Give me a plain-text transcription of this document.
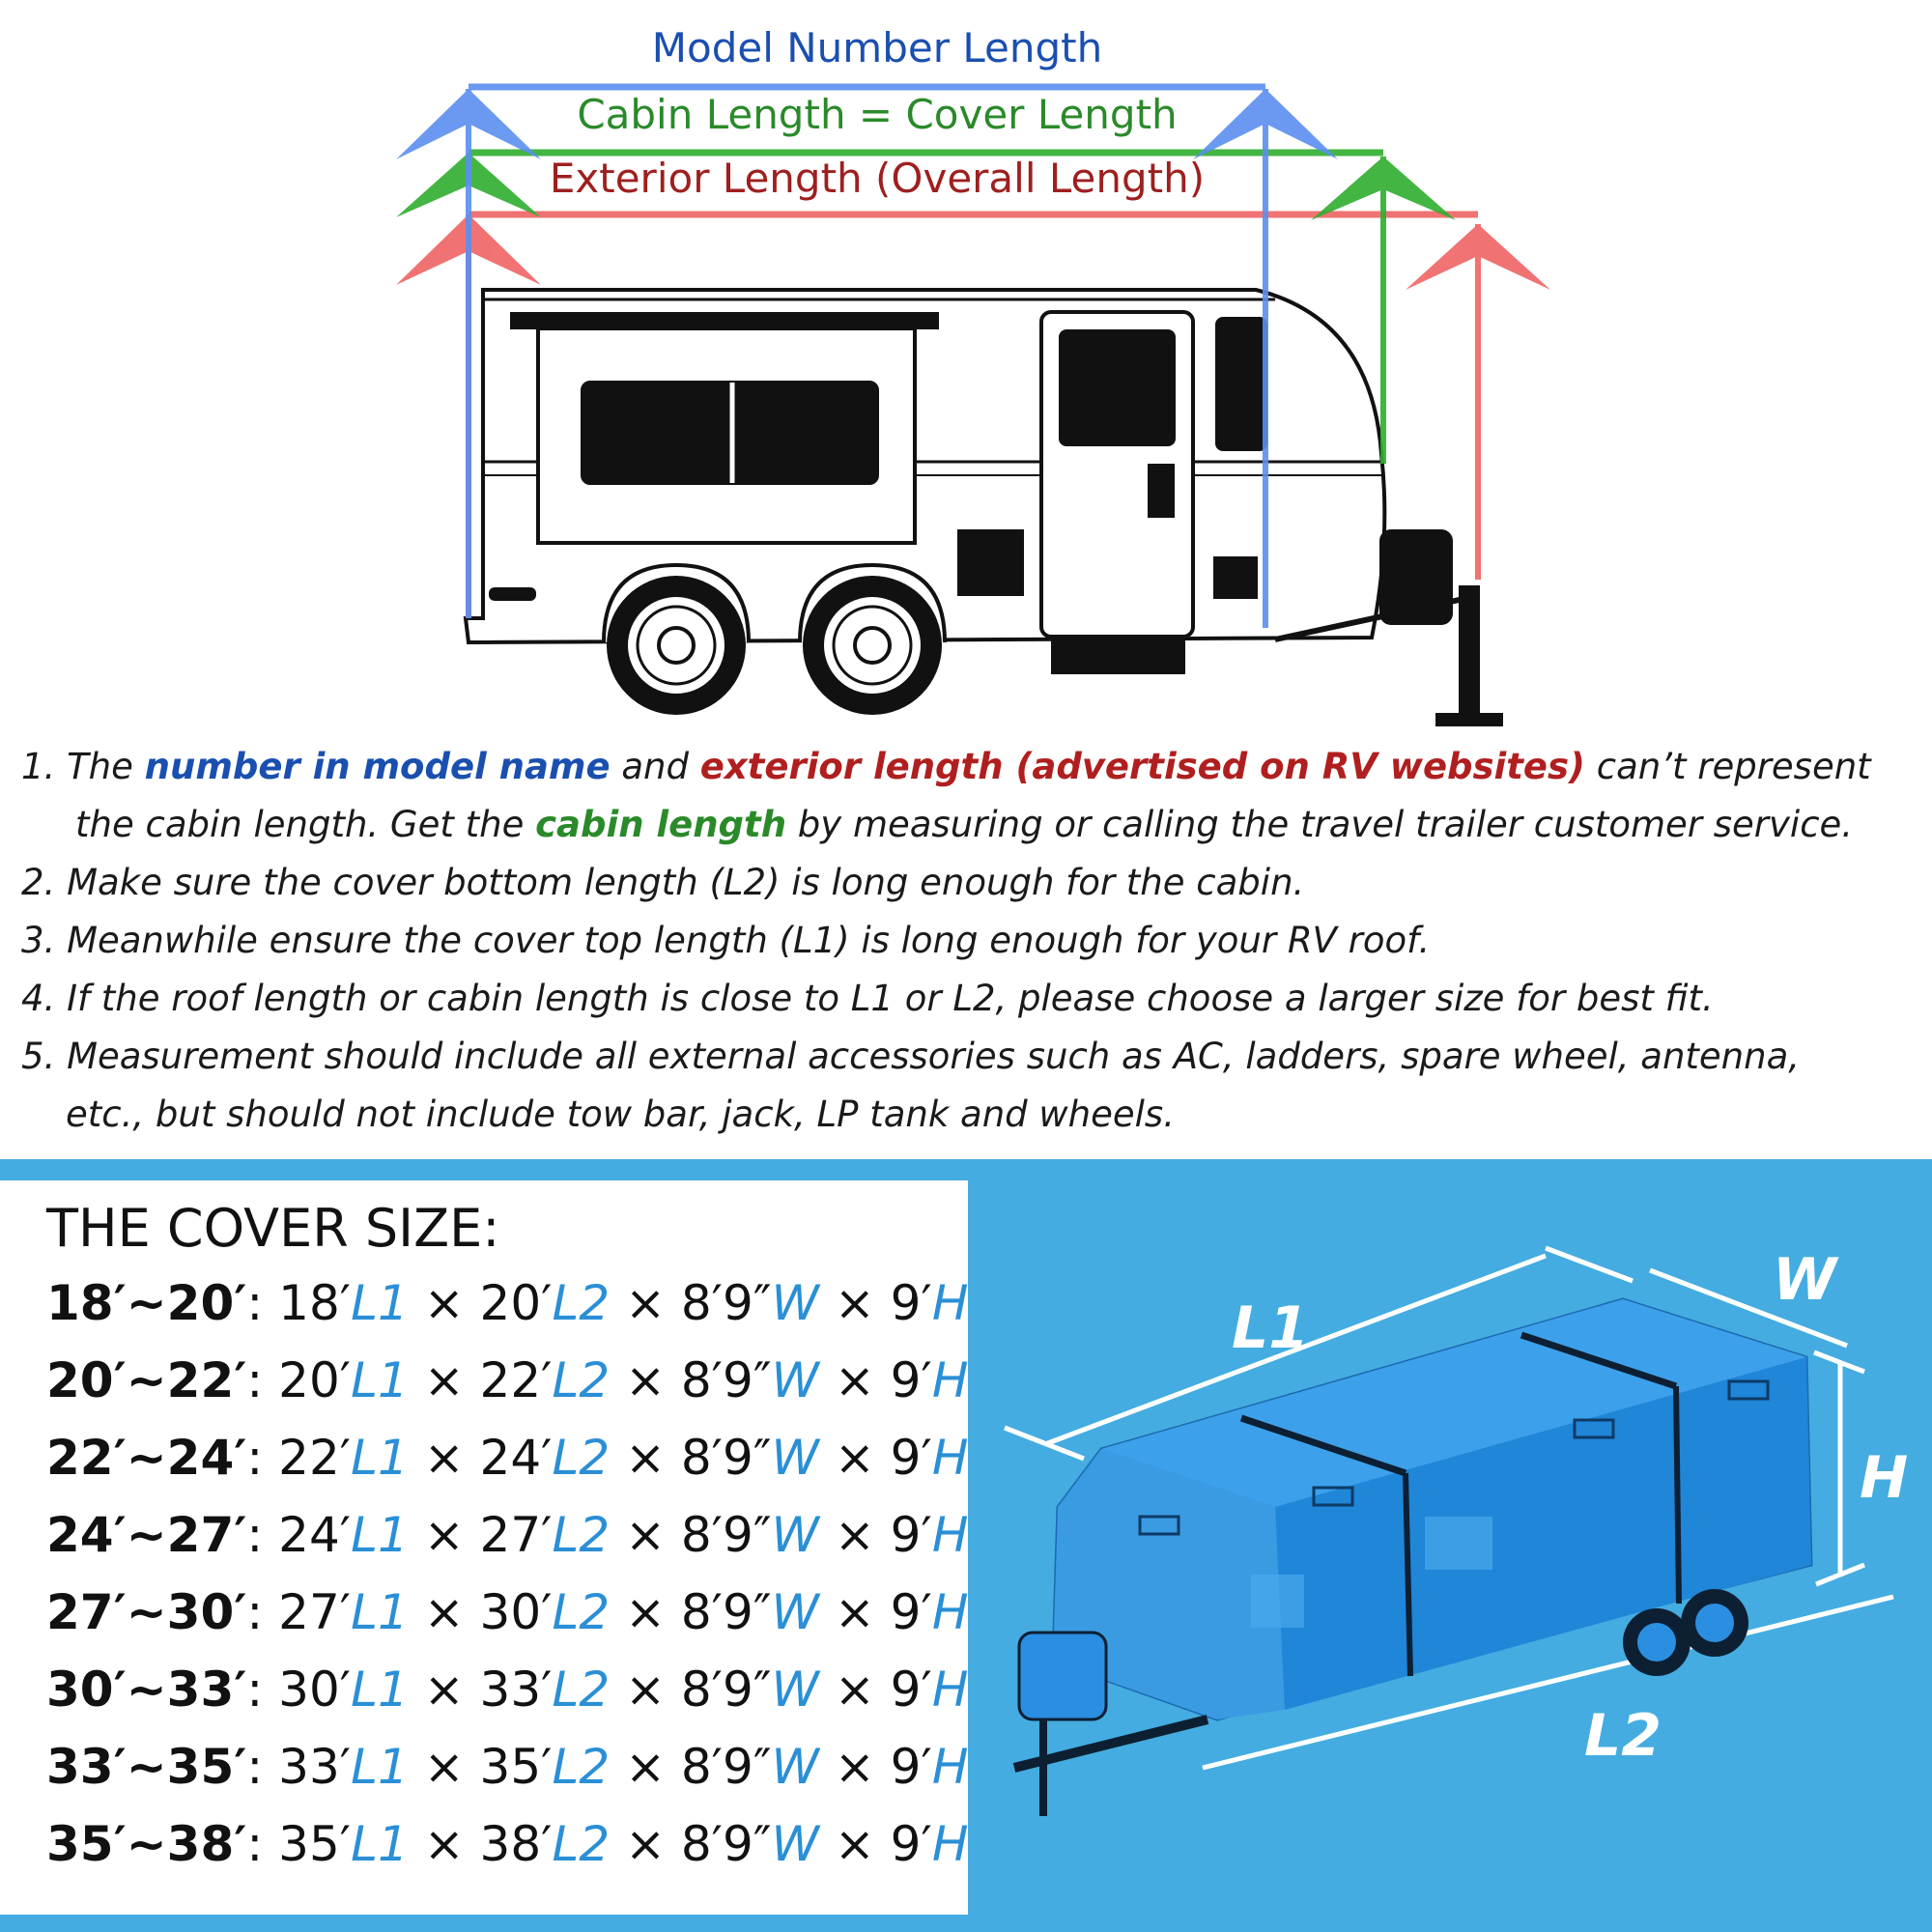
Model Number Length
Cabin Length = Cover Length
Exterior Length (Overall Length)
1. The number in model name and exterior length (advertised on RV websites) can’t represent
the cabin length. Get the cabin length by measuring or calling the travel trailer customer service.
2. Make sure the cover bottom length (L2) is long enough for the cabin.
3. Meanwhile ensure the cover top length (L1) is long enough for your RV roof.
4. If the roof length or cabin length is close to L1 or L2, please choose a larger size for best fit.
5. Measurement should include all external accessories such as AC, ladders, spare wheel, antenna,
etc., but should not include tow bar, jack, LP tank and wheels.
THE COVER SIZE:
18′~20′: 18′L1 × 20′L2 × 8′9″W × 9′H
20′~22′: 20′L1 × 22′L2 × 8′9″W × 9′H
22′~24′: 22′L1 × 24′L2 × 8′9″W × 9′H
24′~27′: 24′L1 × 27′L2 × 8′9″W × 9′H
27′~30′: 27′L1 × 30′L2 × 8′9″W × 9′H
30′~33′: 30′L1 × 33′L2 × 8′9″W × 9′H
33′~35′: 33′L1 × 35′L2 × 8′9″W × 9′H
35′~38′: 35′L1 × 38′L2 × 8′9″W × 9′H
L1
L2
W
H
